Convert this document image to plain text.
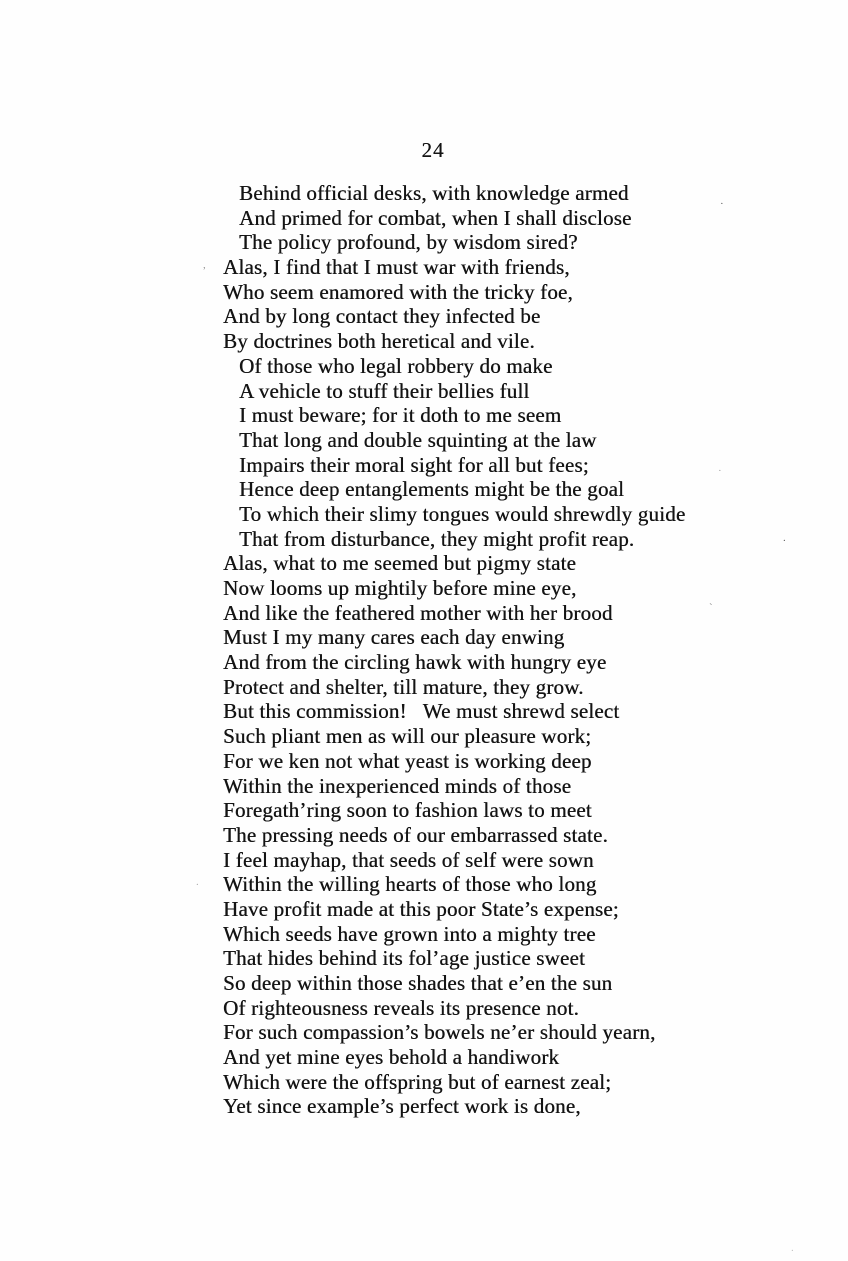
24
Behind official desks, with knowledge armed
And primed for combat, when I shall disclose
The policy profound, by wisdom sired?
Alas, I find that I must war with friends,
Who seem enamored with the tricky foe,
And by long contact they infected be
By doctrines both heretical and vile.
Of those who legal robbery do make
A vehicle to stuff their bellies full
I must beware; for it doth to me seem
That long and double squinting at the law
Impairs their moral sight for all but fees;
Hence deep entanglements might be the goal
To which their slimy tongues would shrewdly guide
That from disturbance, they might profit reap.
Alas, what to me seemed but pigmy state
Now looms up mightily before mine eye,
And like the feathered mother with her brood
Must I my many cares each day enwing
And from the circling hawk with hungry eye
Protect and shelter, till mature, they grow.
But this commission!   We must shrewd select
Such pliant men as will our pleasure work;
For we ken not what yeast is working deep
Within the inexperienced minds of those
Foregath’ring soon to fashion laws to meet
The pressing needs of our embarrassed state.
I feel mayhap, that seeds of self were sown
Within the willing hearts of those who long
Have profit made at this poor State’s expense;
Which seeds have grown into a mighty tree
That hides behind its fol’age justice sweet
So deep within those shades that e’en the sun
Of righteousness reveals its presence not.
For such compassion’s bowels ne’er should yearn,
And yet mine eyes behold a handiwork
Which were the offspring but of earnest zeal;
Yet since example’s perfect work is done,
·
,
·
.
`
.
.
